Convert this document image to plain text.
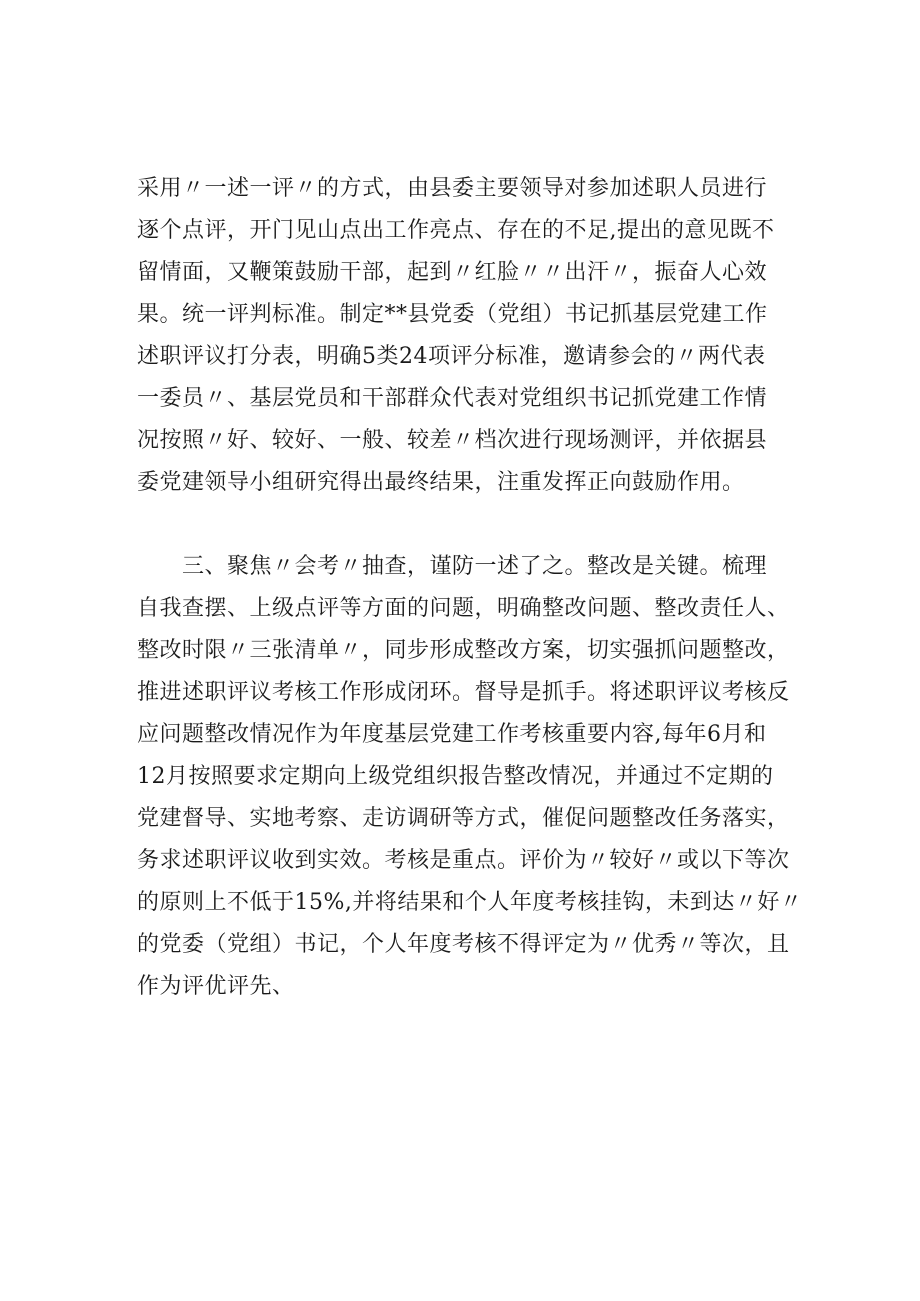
采用〃一述一评〃的方式，由县委主要领导对参加述职人员进行
逐个点评，开门见山点出工作亮点、存在的不足,提出的意见既不
留情面，又鞭策鼓励干部，起到〃红脸〃〃出汗〃，振奋人心效
果。统一评判标准。制定**县党委（党组）书记抓基层党建工作
述职评议打分表，明确5类24项评分标准，邀请参会的〃两代表
一委员〃、基层党员和干部群众代表对党组织书记抓党建工作情
况按照〃好、较好、一般、较差〃档次进行现场测评，并依据县
委党建领导小组研究得出最终结果，注重发挥正向鼓励作用。
　　三、聚焦〃会考〃抽查，谨防一述了之。整改是关键。梳理
自我查摆、上级点评等方面的问题，明确整改问题、整改责任人、
整改时限〃三张清单〃，同步形成整改方案，切实强抓问题整改，
推进述职评议考核工作形成闭环。督导是抓手。将述职评议考核反
应问题整改情况作为年度基层党建工作考核重要内容,每年6月和
12月按照要求定期向上级党组织报告整改情况，并通过不定期的
党建督导、实地考察、走访调研等方式，催促问题整改任务落实，
务求述职评议收到实效。考核是重点。评价为〃较好〃或以下等次
的原则上不低于15%,并将结果和个人年度考核挂钩，未到达〃好〃
的党委（党组）书记，个人年度考核不得评定为〃优秀〃等次，且
作为评优评先、
